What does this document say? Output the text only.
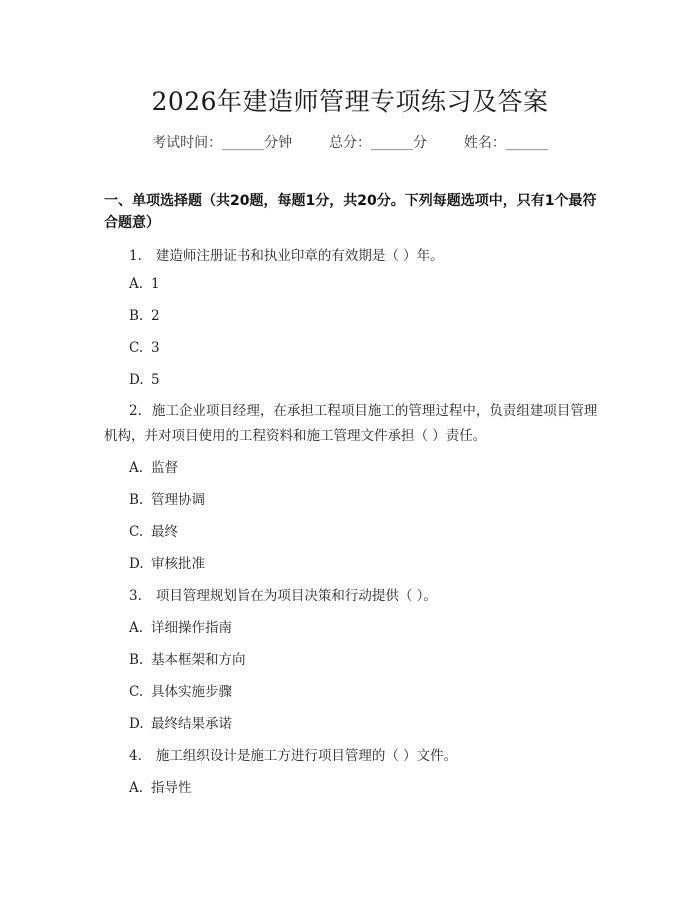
2026年建造师管理专项练习及答案
考试时间：______分钟	总分：______分	姓名：______
一、单项选择题（共20题，每题1分，共20分。下列每题选项中，只有1个最符合题意）
1. 建造师注册证书和执业印章的有效期是（ ）年。
A. 1
B. 2
C. 3
D. 5
2. 施工企业项目经理，在承担工程项目施工的管理过程中，负责组建项目管理机构，并对项目使用的工程资料和施工管理文件承担（ ）责任。
A. 监督
B. 管理协调
C. 最终
D. 审核批准
3. 项目管理规划旨在为项目决策和行动提供（ ）。
A. 详细操作指南
B. 基本框架和方向
C. 具体实施步骤
D. 最终结果承诺
4. 施工组织设计是施工方进行项目管理的（ ）文件。
A. 指导性
